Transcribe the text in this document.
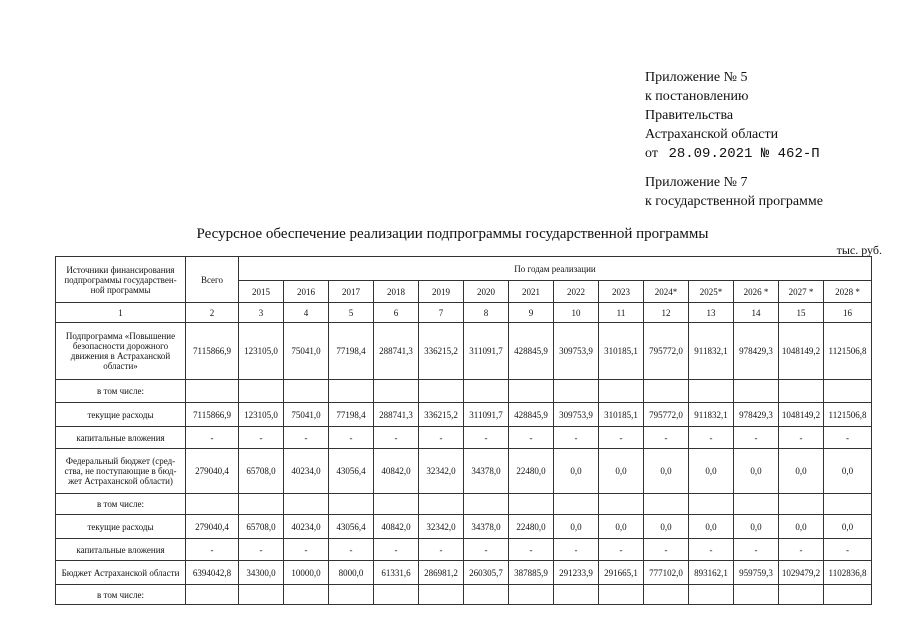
Приложение № 5
к постановлению
Правительства
Астраханской области
от 28.09.2021 № 462-П
Приложение № 7
к государственной программе
Ресурсное обеспечение реализации подпрограммы государственной программы
тыс. руб.
Источники финансирования подпрограммы государствен-ной программы	Всего	По годам реализации													
		2015	2016	2017	2018	2019	2020	2021	2022	2023	2024*	2025*	2026 *	2027 *	2028 *
1	2	3	4	5	6	7	8	9	10	11	12	13	14	15	16
Подпрограмма «Повышение безопасности дорожного движения в Астраханской области»	7115866,9	123105,0	75041,0	77198,4	288741,3	336215,2	311091,7	428845,9	309753,9	310185,1	795772,0	911832,1	978429,3	1048149,2	1121506,8
в том числе:															
текущие расходы	7115866,9	123105,0	75041,0	77198,4	288741,3	336215,2	311091,7	428845,9	309753,9	310185,1	795772,0	911832,1	978429,3	1048149,2	1121506,8
капитальные вложения	-	-	-	-	-	-	-	-	-	-	-	-	-	-	-
Федеральный бюджет (сред-ства, не поступающие в бюд-жет Астраханской области)	279040,4	65708,0	40234,0	43056,4	40842,0	32342,0	34378,0	22480,0	0,0	0,0	0,0	0,0	0,0	0,0	0,0
в том числе:															
текущие расходы	279040,4	65708,0	40234,0	43056,4	40842,0	32342,0	34378,0	22480,0	0,0	0,0	0,0	0,0	0,0	0,0	0,0
капитальные вложения	-	-	-	-	-	-	-	-	-	-	-	-	-	-	-
Бюджет Астраханской области	6394042,8	34300,0	10000,0	8000,0	61331,6	286981,2	260305,7	387885,9	291233,9	291665,1	777102,0	893162,1	959759,3	1029479,2	1102836,8
в том числе:															
